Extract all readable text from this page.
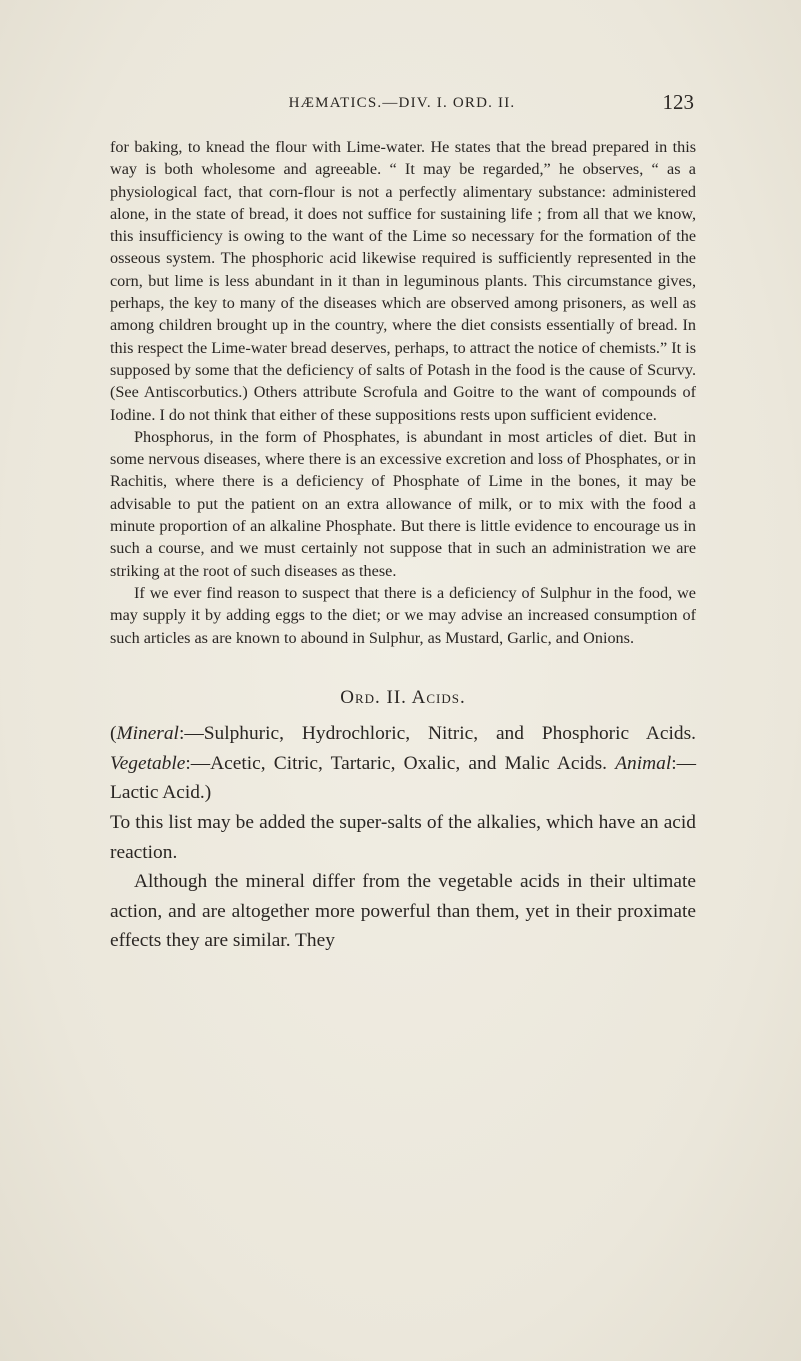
HÆMATICS.—DIV. I. ORD. II.	123

for baking, to knead the flour with Lime-water. He states that the bread prepared in this way is both wholesome and agreeable. “ It may be regarded,” he observes, “ as a physiological fact, that corn-flour is not a perfectly alimentary substance: administered alone, in the state of bread, it does not suffice for sustaining life ; from all that we know, this insufficiency is owing to the want of the Lime so necessary for the formation of the osseous system. The phosphoric acid likewise required is sufficiently represented in the corn, but lime is less abundant in it than in leguminous plants. This circumstance gives, perhaps, the key to many of the diseases which are observed among prisoners, as well as among children brought up in the country, where the diet consists essentially of bread. In this respect the Lime-water bread deserves, perhaps, to attract the notice of chemists.” It is supposed by some that the deficiency of salts of Potash in the food is the cause of Scurvy. (See Antiscorbutics.) Others attribute Scrofula and Goitre to the want of compounds of Iodine. I do not think that either of these suppositions rests upon sufficient evidence.

Phosphorus, in the form of Phosphates, is abundant in most articles of diet. But in some nervous diseases, where there is an excessive excretion and loss of Phosphates, or in Rachitis, where there is a deficiency of Phosphate of Lime in the bones, it may be advisable to put the patient on an extra allowance of milk, or to mix with the food a minute proportion of an alkaline Phosphate. But there is little evidence to encourage us in such a course, and we must certainly not suppose that in such an administration we are striking at the root of such diseases as these.

If we ever find reason to suspect that there is a deficiency of Sulphur in the food, we may supply it by adding eggs to the diet; or we may advise an increased consumption of such articles as are known to abound in Sulphur, as Mustard, Garlic, and Onions.

Ord. II. Acids.

(Mineral:—Sulphuric, Hydrochloric, Nitric, and Phosphoric Acids. Vegetable:—Acetic, Citric, Tartaric, Oxalic, and Malic Acids. Animal:—Lactic Acid.)

To this list may be added the super-salts of the alkalies, which have an acid reaction.

Although the mineral differ from the vegetable acids in their ultimate action, and are altogether more powerful than them, yet in their proximate effects they are similar. They
